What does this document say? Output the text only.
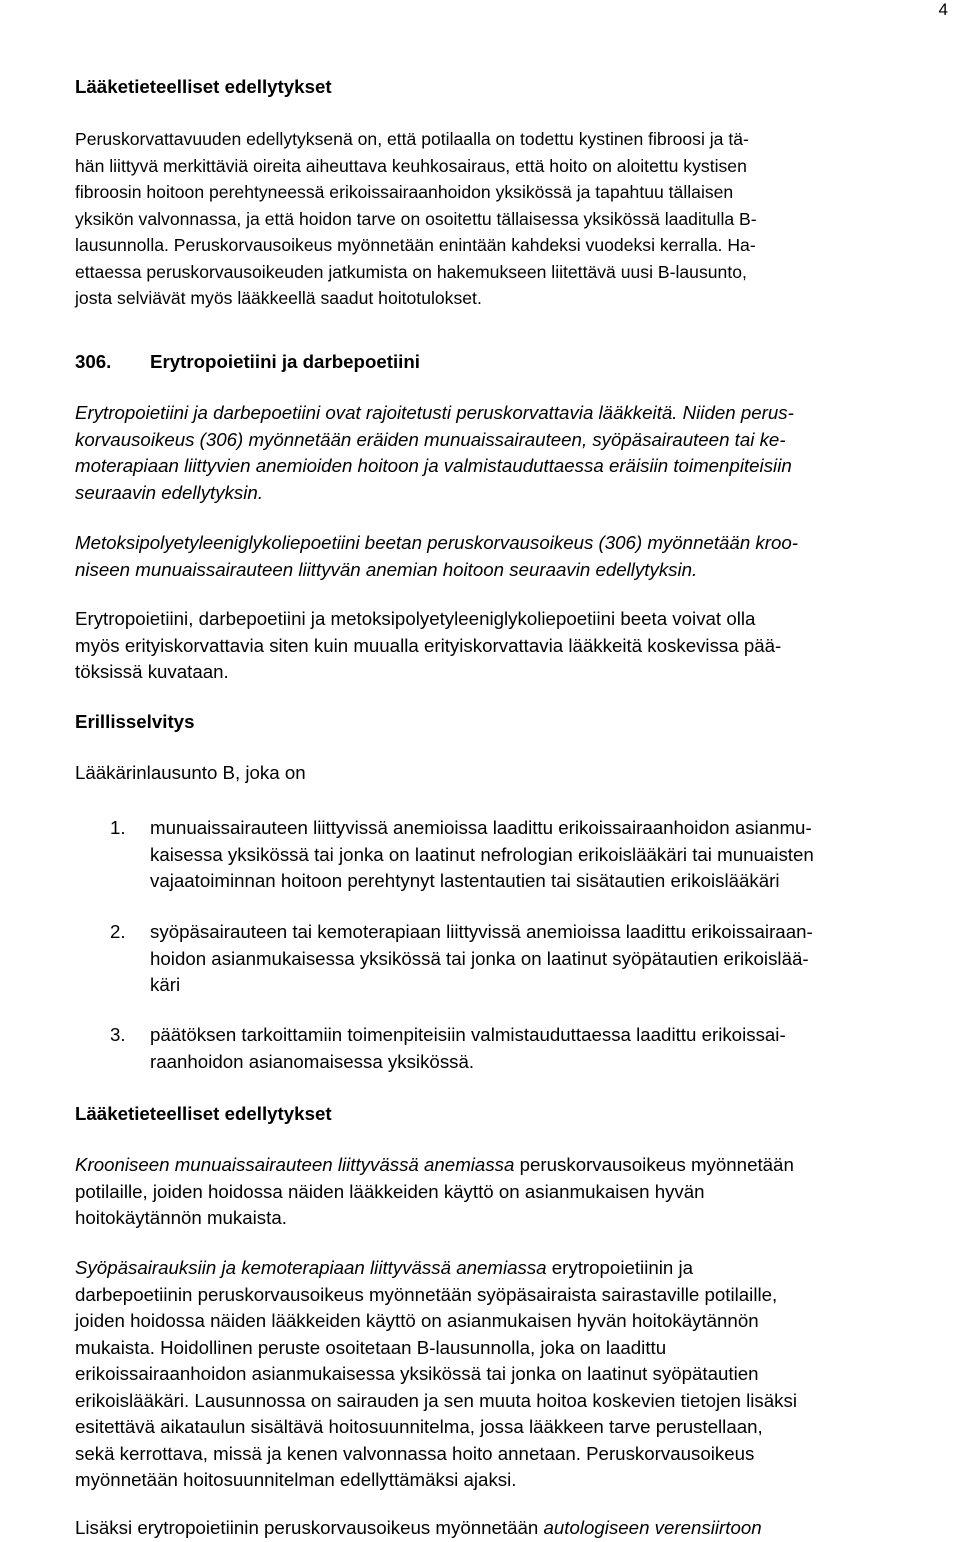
4
Lääketieteelliset edellytykset
Peruskorvattavuuden edellytyksenä on, että potilaalla on todettu kystinen fibroosi ja tä-
hän liittyvä merkittäviä oireita aiheuttava keuhkosairaus, että hoito on aloitettu kystisen
fibroosin hoitoon perehtyneessä erikoissairaanhoidon yksikössä ja tapahtuu tällaisen
yksikön valvonnassa, ja että hoidon tarve on osoitettu tällaisessa yksikössä laaditulla B-
lausunnolla. Peruskorvausoikeus myönnetään enintään kahdeksi vuodeksi kerralla. Ha-
ettaessa peruskorvausoikeuden jatkumista on hakemukseen liitettävä uusi B-lausunto,
josta selviävät myös lääkkeellä saadut hoitotulokset.
306.
Erytropoietiini ja darbepoetiini ovat rajoitetusti peruskorvattavia lääkkeitä. Niiden perus-
korvausoikeus (306) myönnetään eräiden munuaissairauteen, syöpäsairauteen tai ke-
moterapiaan liittyvien anemioiden hoitoon ja valmistauduttaessa eräisiin toimenpiteisiin
seuraavin edellytyksin.
Metoksipolyetyleeniglykoliepoetiini beetan peruskorvausoikeus (306) myönnetään kroo-
niseen munuaissairauteen liittyvän anemian hoitoon seuraavin edellytyksin.
Erytropoietiini, darbepoetiini ja metoksipolyetyleeniglykoliepoetiini beeta voivat olla
myös erityiskorvattavia siten kuin muualla erityiskorvattavia lääkkeitä koskevissa pää-
töksissä kuvataan.
Erillisselvitys
Lääkärinlausunto B, joka on
1. munuaissairauteen liittyvissä anemioissa laadittu erikoissairaanhoidon asianmu-
kaisessa yksikössä tai jonka on laatinut nefrologian erikoislääkäri tai munuaisten
vajaatoiminnan hoitoon perehtynyt lastentautien tai sisätautien erikoislääkäri
2. syöpäsairauteen tai kemoterapiaan liittyvissä anemioissa laadittu erikoissairaan-
hoidon asianmukaisessa yksikössä tai jonka on laatinut syöpätautien erikoislää-
käri
3. päätöksen tarkoittamiin toimenpiteisiin valmistauduttaessa laadittu erikoissai-
raanhoidon asianomaisessa yksikössä.
Lääketieteelliset edellytykset
Krooniseen munuaissairauteen liittyvässä anemiassa peruskorvausoikeus myönnetään
potilaille, joiden hoidossa näiden lääkkeiden käyttö on asianmukaisen hyvän
hoitokäytännön mukaista.
Syöpäsairauksiin ja kemoterapiaan liittyvässä anemiassa erytropoietiinin ja
darbepoetiinin peruskorvausoikeus myönnetään syöpäsairaista sairastaville potilaille,
joiden hoidossa näiden lääkkeiden käyttö on asianmukaisen hyvän hoitokäytännön
mukaista. Hoidollinen peruste osoitetaan B-lausunnolla, joka on laadittu
erikoissairaanhoidon asianmukaisessa yksikössä tai jonka on laatinut syöpätautien
erikoislääkäri. Lausunnossa on sairauden ja sen muuta hoitoa koskevien tietojen lisäksi
esitettävä aikataulun sisältävä hoitosuunnitelma, jossa lääkkeen tarve perustellaan,
sekä kerrottava, missä ja kenen valvonnassa hoito annetaan. Peruskorvausoikeus
myönnetään hoitosuunnitelman edellyttämäksi ajaksi.
Lisäksi erytropoietiinin peruskorvausoikeus myönnetään autologiseen verensiirtoon
Erytropoietiini ja darbepoetiini
